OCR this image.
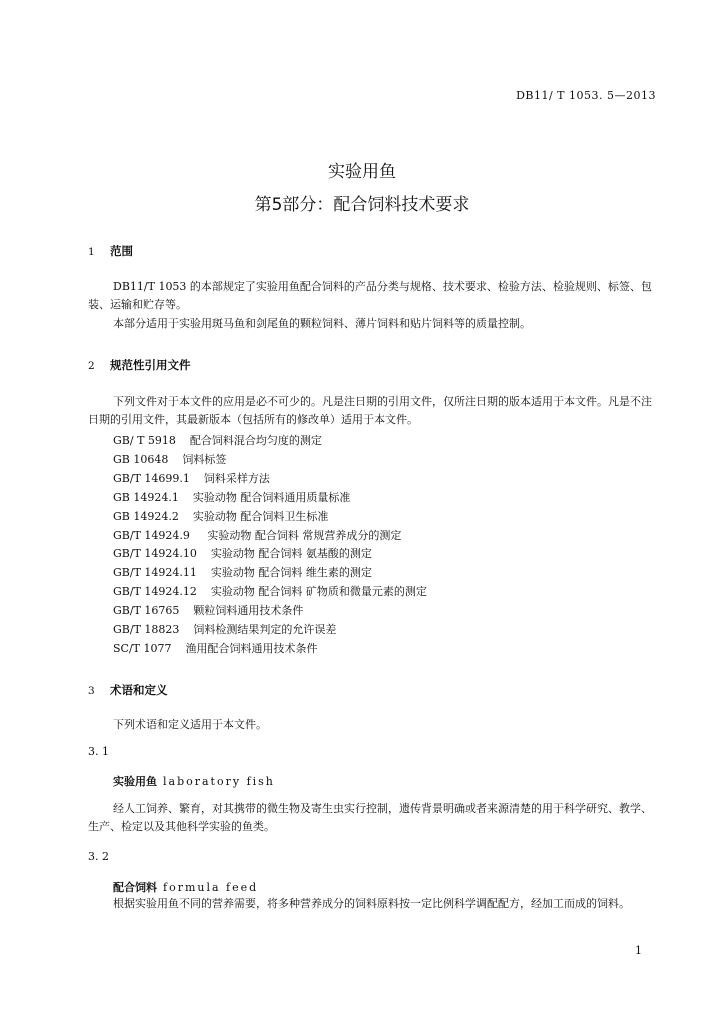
DB11/ T 1053. 5—2013
实验用鱼
第5部分：配合饲料技术要求
1 范围
DB11/T 1053 的本部规定了实验用鱼配合饲料的产品分类与规格、技术要求、检验方法、检验规则、标签、包装、运输和贮存等。
本部分适用于实验用斑马鱼和剑尾鱼的颗粒饲料、薄片饲料和贴片饲料等的质量控制。
2 规范性引用文件
下列文件对于本文件的应用是必不可少的。凡是注日期的引用文件，仅所注日期的版本适用于本文件。凡是不注日期的引用文件，其最新版本（包括所有的修改单）适用于本文件。
GB/ T 5918 配合饲料混合均匀度的测定
GB 10648 饲料标签
GB/T 14699.1 饲料采样方法
GB 14924.1 实验动物 配合饲料通用质量标准
GB 14924.2 实验动物 配合饲料卫生标准
GB/T 14924.9 实验动物 配合饲料 常规营养成分的测定
GB/T 14924.10 实验动物 配合饲料 氨基酸的测定
GB/T 14924.11 实验动物 配合饲料 维生素的测定
GB/T 14924.12 实验动物 配合饲料 矿物质和微量元素的测定
GB/T 16765 颗粒饲料通用技术条件
GB/T 18823 饲料检测结果判定的允许误差
SC/T 1077 渔用配合饲料通用技术条件
3 术语和定义
下列术语和定义适用于本文件。
3. 1
实验用鱼 laboratory fish
经人工饲养、繁育，对其携带的微生物及寄生虫实行控制，遗传背景明确或者来源清楚的用于科学研究、教学、生产、检定以及其他科学实验的鱼类。
3. 2
配合饲料 formula feed
根据实验用鱼不同的营养需要，将多种营养成分的饲料原料按一定比例科学调配配方，经加工而成的饲料。
1
